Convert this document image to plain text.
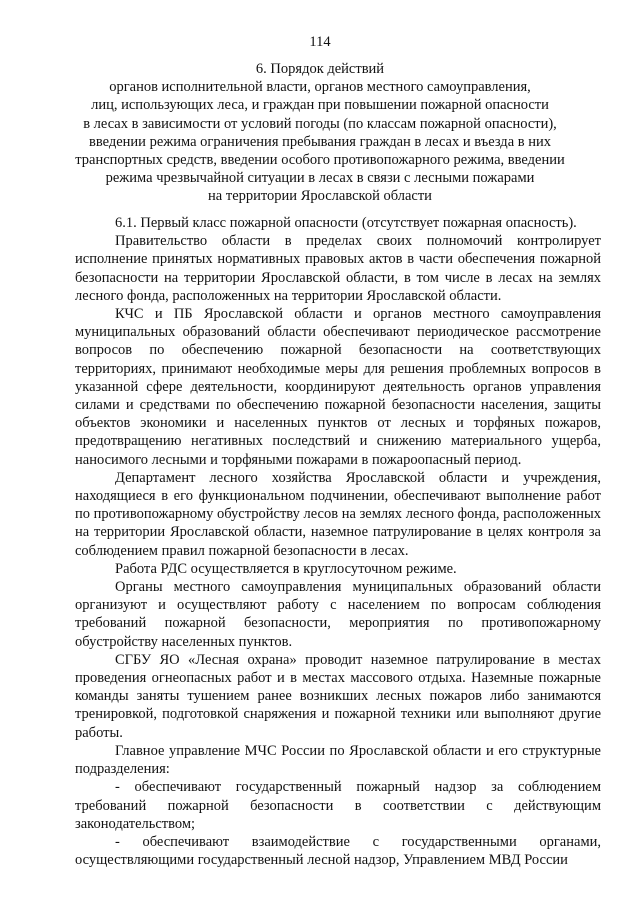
114
6. Порядок действий
органов исполнительной власти, органов местного самоуправления,
лиц, использующих леса, и граждан при повышении пожарной опасности
в лесах в зависимости от условий погоды (по классам пожарной опасности),
введении режима ограничения пребывания граждан в лесах и въезда в них
транспортных средств, введении особого противопожарного режима, введении
режима чрезвычайной ситуации в лесах в связи с лесными пожарами
на территории Ярославской области

6.1. Первый класс пожарной опасности (отсутствует пожарная опасность).

Правительство области в пределах своих полномочий контролирует исполнение принятых нормативных правовых актов в части обеспечения пожарной безопасности на территории Ярославской области, в том числе в лесах на землях лесного фонда, расположенных на территории Ярославской области.

КЧС и ПБ Ярославской области и органов местного самоуправления муниципальных образований области обеспечивают периодическое рассмотрение вопросов по обеспечению пожарной безопасности на соответствующих территориях, принимают необходимые меры для решения проблемных вопросов в указанной сфере деятельности, координируют деятельность органов управления силами и средствами по обеспечению пожарной безопасности населения, защиты объектов экономики и населенных пунктов от лесных и торфяных пожаров, предотвращению негативных последствий и снижению материального ущерба, наносимого лесными и торфяными пожарами в пожароопасный период.

Департамент лесного хозяйства Ярославской области и учреждения, находящиеся в его функциональном подчинении, обеспечивают выполнение работ по противопожарному обустройству лесов на землях лесного фонда, расположенных на территории Ярославской области, наземное патрулирование в целях контроля за соблюдением правил пожарной безопасности в лесах.

Работа РДС осуществляется в круглосуточном режиме.

Органы местного самоуправления муниципальных образований области организуют и осуществляют работу с населением по вопросам соблюдения требований пожарной безопасности, мероприятия по противопожарному обустройству населенных пунктов.

СГБУ ЯО «Лесная охрана» проводит наземное патрулирование в местах проведения огнеопасных работ и в местах массового отдыха. Наземные пожарные команды заняты тушением ранее возникших лесных пожаров либо занимаются тренировкой, подготовкой снаряжения и пожарной техники или выполняют другие работы.

Главное управление МЧС России по Ярославской области и его структурные подразделения:

- обеспечивают государственный пожарный надзор за соблюдением требований пожарной безопасности в соответствии с действующим законодательством;

- обеспечивают взаимодействие с государственными органами, осуществляющими государственный лесной надзор, Управлением МВД России
